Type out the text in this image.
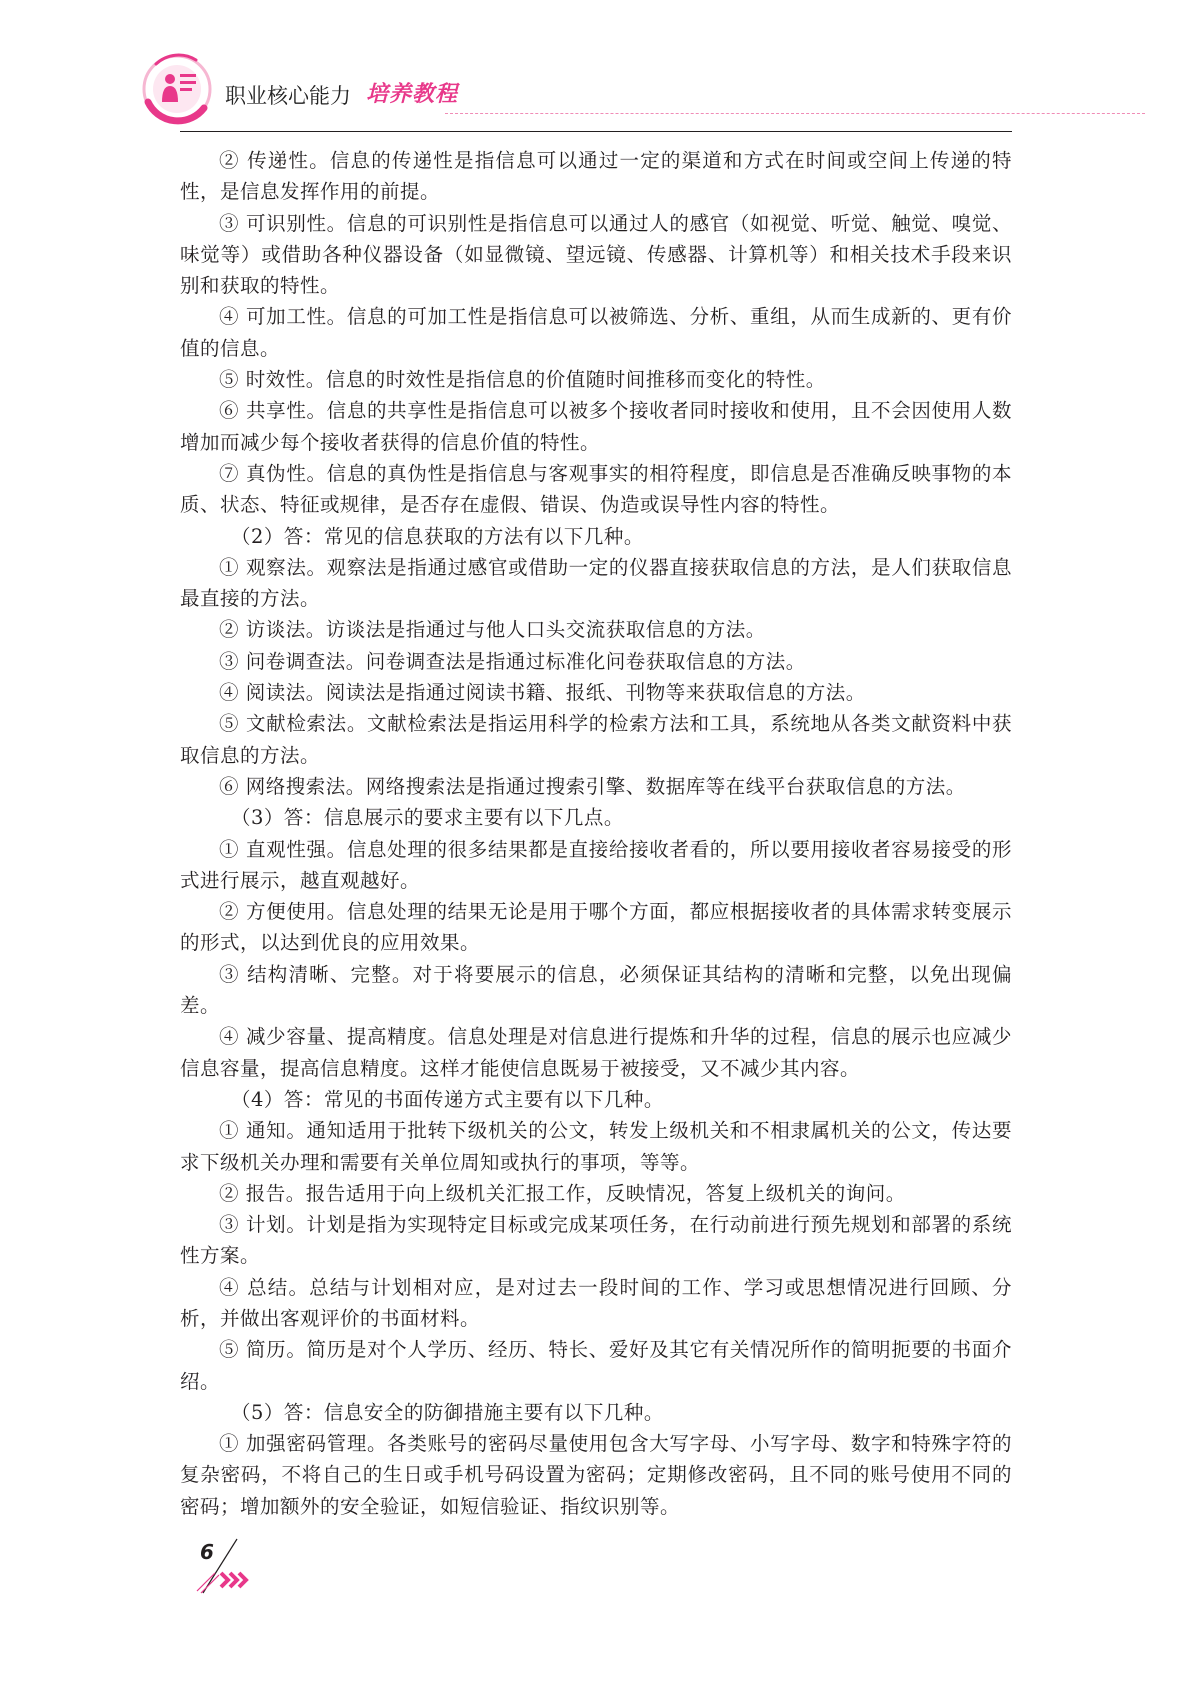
职业核心能力 培养教程

② 传递性。信息的传递性是指信息可以通过一定的渠道和方式在时间或空间上传递的特性，是信息发挥作用的前提。

③ 可识别性。信息的可识别性是指信息可以通过人的感官（如视觉、听觉、触觉、嗅觉、味觉等）或借助各种仪器设备（如显微镜、望远镜、传感器、计算机等）和相关技术手段来识别和获取的特性。

④ 可加工性。信息的可加工性是指信息可以被筛选、分析、重组，从而生成新的、更有价值的信息。

⑤ 时效性。信息的时效性是指信息的价值随时间推移而变化的特性。

⑥ 共享性。信息的共享性是指信息可以被多个接收者同时接收和使用，且不会因使用人数增加而减少每个接收者获得的信息价值的特性。

⑦ 真伪性。信息的真伪性是指信息与客观事实的相符程度，即信息是否准确反映事物的本质、状态、特征或规律，是否存在虚假、错误、伪造或误导性内容的特性。

（2）答：常见的信息获取的方法有以下几种。

① 观察法。观察法是指通过感官或借助一定的仪器直接获取信息的方法，是人们获取信息最直接的方法。

② 访谈法。访谈法是指通过与他人口头交流获取信息的方法。

③ 问卷调查法。问卷调查法是指通过标准化问卷获取信息的方法。

④ 阅读法。阅读法是指通过阅读书籍、报纸、刊物等来获取信息的方法。

⑤ 文献检索法。文献检索法是指运用科学的检索方法和工具，系统地从各类文献资料中获取信息的方法。

⑥ 网络搜索法。网络搜索法是指通过搜索引擎、数据库等在线平台获取信息的方法。

（3）答：信息展示的要求主要有以下几点。

① 直观性强。信息处理的很多结果都是直接给接收者看的，所以要用接收者容易接受的形式进行展示，越直观越好。

② 方便使用。信息处理的结果无论是用于哪个方面，都应根据接收者的具体需求转变展示的形式，以达到优良的应用效果。

③ 结构清晰、完整。对于将要展示的信息，必须保证其结构的清晰和完整，以免出现偏差。

④ 减少容量、提高精度。信息处理是对信息进行提炼和升华的过程，信息的展示也应减少信息容量，提高信息精度。这样才能使信息既易于被接受，又不减少其内容。

（4）答：常见的书面传递方式主要有以下几种。

① 通知。通知适用于批转下级机关的公文，转发上级机关和不相隶属机关的公文，传达要求下级机关办理和需要有关单位周知或执行的事项，等等。

② 报告。报告适用于向上级机关汇报工作，反映情况，答复上级机关的询问。

③ 计划。计划是指为实现特定目标或完成某项任务，在行动前进行预先规划和部署的系统性方案。

④ 总结。总结与计划相对应，是对过去一段时间的工作、学习或思想情况进行回顾、分析，并做出客观评价的书面材料。

⑤ 简历。简历是对个人学历、经历、特长、爱好及其它有关情况所作的简明扼要的书面介绍。

（5）答：信息安全的防御措施主要有以下几种。

① 加强密码管理。各类账号的密码尽量使用包含大写字母、小写字母、数字和特殊字符的复杂密码，不将自己的生日或手机号码设置为密码；定期修改密码，且不同的账号使用不同的密码；增加额外的安全验证，如短信验证、指纹识别等。

6
